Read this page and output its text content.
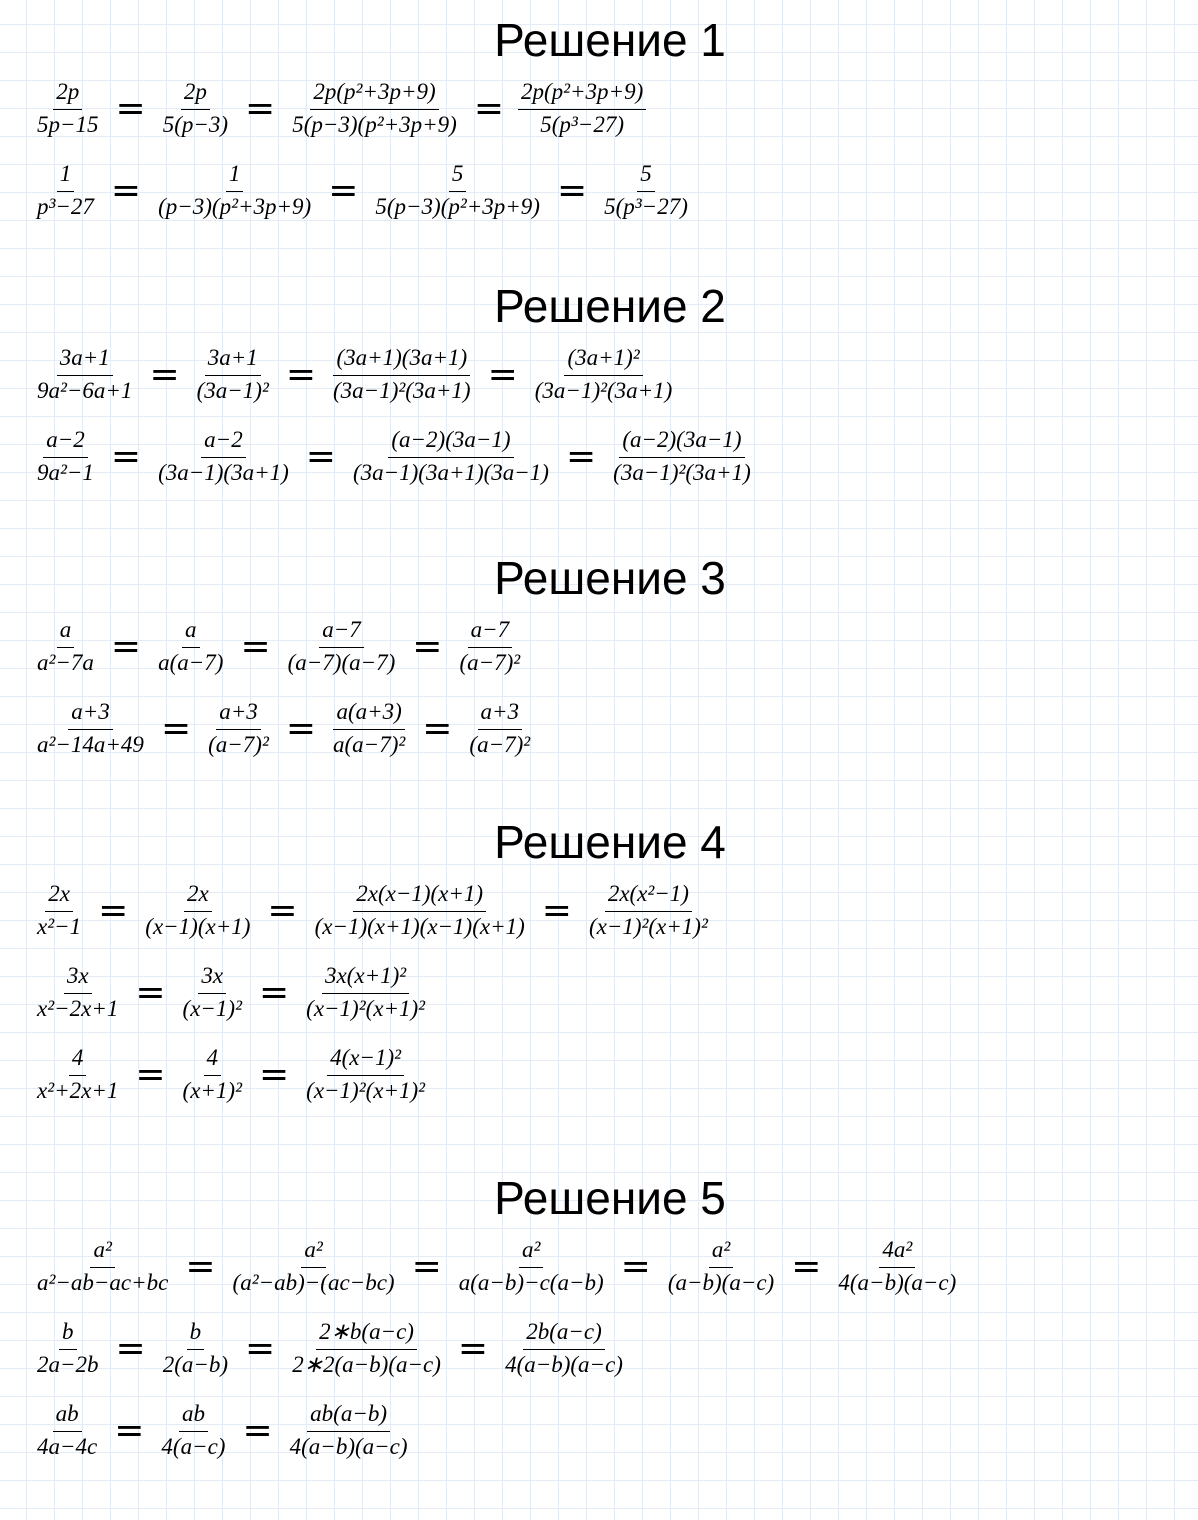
Решение 1
$\frac{2p}{5p-15} = \frac{2p}{5(p-3)} = \frac{\text{2p(p²+3p+9)}}{\text{5(p−3)(p²+3p+9)}} = \frac{\text{2p(p²+3p+9)}}{\text{5(p³−27)}}$
$\frac{1}{\text{p³−27}} = \frac{1}{\text{(p−3)(p²+3p+9)}} = \frac{5}{\text{5(p−3)(p²+3p+9)}} = \frac{5}{\text{5(p³−27)}}$
Решение 2
$\frac{3a+1}{\text{9a²−6a+1}} = \frac{3a+1}{\text{(3a−1)²}} = \frac{(3a+1)(3a+1)}{\text{(3a−1)²(3a+1)}} = \frac{\text{(3a+1)²}}{\text{(3a−1)²(3a+1)}}$
$\frac{a-2}{\text{9a²−1}} = \frac{a-2}{(3a-1)(3a+1)} = \frac{(a-2)(3a-1)}{(3a-1)(3a+1)(3a-1)} = \frac{(a-2)(3a-1)}{\text{(3a−1)²(3a+1)}}$
Решение 3
$\frac{a}{\text{a²−7a}} = \frac{a}{a(a-7)} = \frac{a-7}{(a-7)(a-7)} = \frac{a-7}{\text{(a−7)²}}$
$\frac{a+3}{\text{a²−14a+49}} = \frac{a+3}{\text{(a−7)²}} = \frac{a(a+3)}{\text{a(a−7)²}} = \frac{a+3}{\text{(a−7)²}}$
Решение 4
$\frac{2x}{\text{x²−1}} = \frac{2x}{(x-1)(x+1)} = \frac{2x(x-1)(x+1)}{(x-1)(x+1)(x-1)(x+1)} = \frac{\text{2x(x²−1)}}{\text{(x−1)²(x+1)²}}$
$\frac{3x}{\text{x²−2x+1}} = \frac{3x}{\text{(x−1)²}} = \frac{\text{3x(x+1)²}}{\text{(x−1)²(x+1)²}}$
$\frac{4}{\text{x²+2x+1}} = \frac{4}{\text{(x+1)²}} = \frac{\text{4(x−1)²}}{\text{(x−1)²(x+1)²}}$
Решение 5
$\frac{\text{a²}}{\text{a²−ab−ac+bc}} = \frac{\text{a²}}{\text{(a²−ab)−(ac−bc)}} = \frac{\text{a²}}{a(a-b)-c(a-b)} = \frac{\text{a²}}{(a-b)(a-c)} = \frac{\text{4a²}}{4(a-b)(a-c)}$
$\frac{b}{2a-2b} = \frac{b}{2(a-b)} = \frac{2∗b(a-c)}{2∗2(a-b)(a-c)} = \frac{2b(a-c)}{4(a-b)(a-c)}$
$\frac{ab}{4a-4c} = \frac{ab}{4(a-c)} = \frac{ab(a-b)}{4(a-b)(a-c)}$
